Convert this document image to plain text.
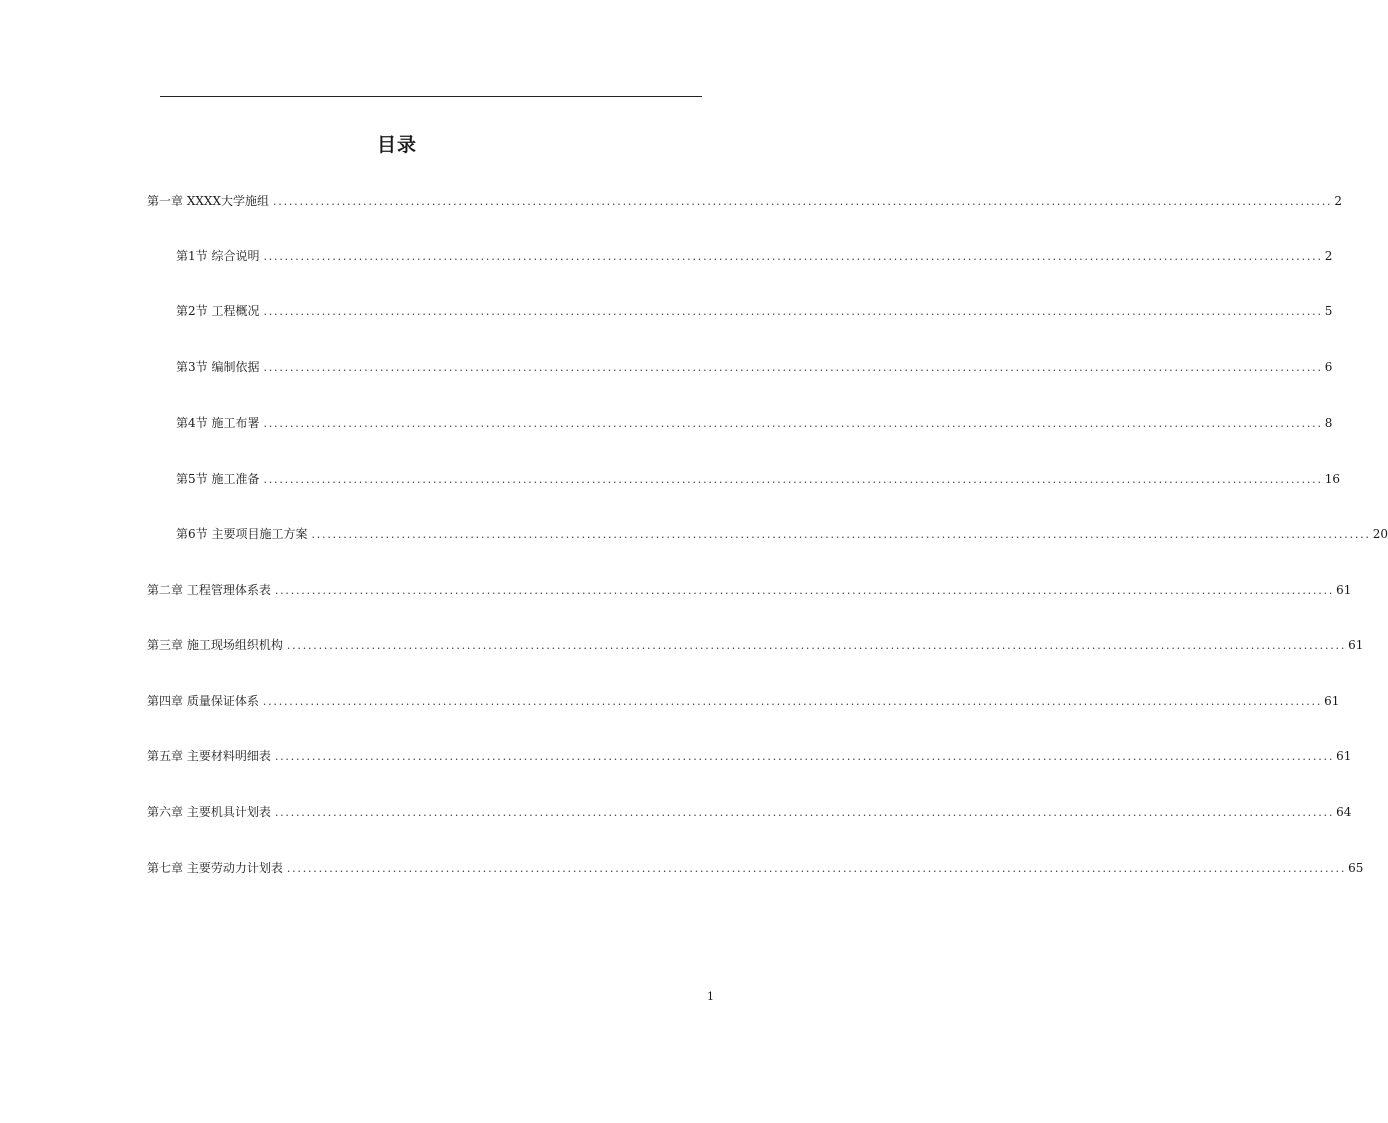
目录
第一章 XXXX大学施组 ........................................................................................................................................................................................................ 2
第1节 综合说明 ........................................................................................................................................................................................................ 2
第2节 工程概况 ........................................................................................................................................................................................................ 5
第3节 编制依据 ........................................................................................................................................................................................................ 6
第4节 施工布署 ........................................................................................................................................................................................................ 8
第5节 施工准备 ........................................................................................................................................................................................................ 16
第6节 主要项目施工方案 ........................................................................................................................................................................................................ 20
第二章 工程管理体系表 ........................................................................................................................................................................................................ 61
第三章 施工现场组织机构 ........................................................................................................................................................................................................ 61
第四章 质量保证体系 ........................................................................................................................................................................................................ 61
第五章 主要材料明细表 ........................................................................................................................................................................................................ 61
第六章 主要机具计划表 ........................................................................................................................................................................................................ 64
第七章 主要劳动力计划表 ........................................................................................................................................................................................................ 65
1
